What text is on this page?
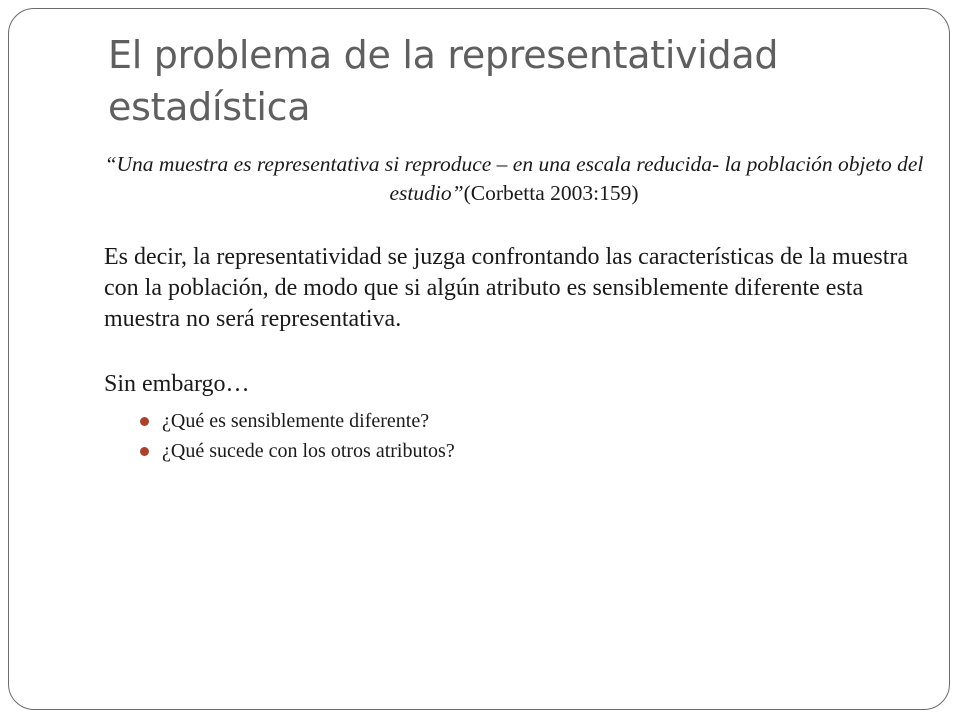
El problema de la representatividad estadística

“Una muestra es representativa si reproduce – en una escala reducida- la población objeto del estudio”(Corbetta 2003:159)

Es decir, la representatividad se juzga confrontando las características de la muestra con la población, de modo que si algún atributo es sensiblemente diferente esta muestra no será representativa.

Sin embargo…

¿Qué es sensiblemente diferente?
¿Qué sucede con los otros atributos?
